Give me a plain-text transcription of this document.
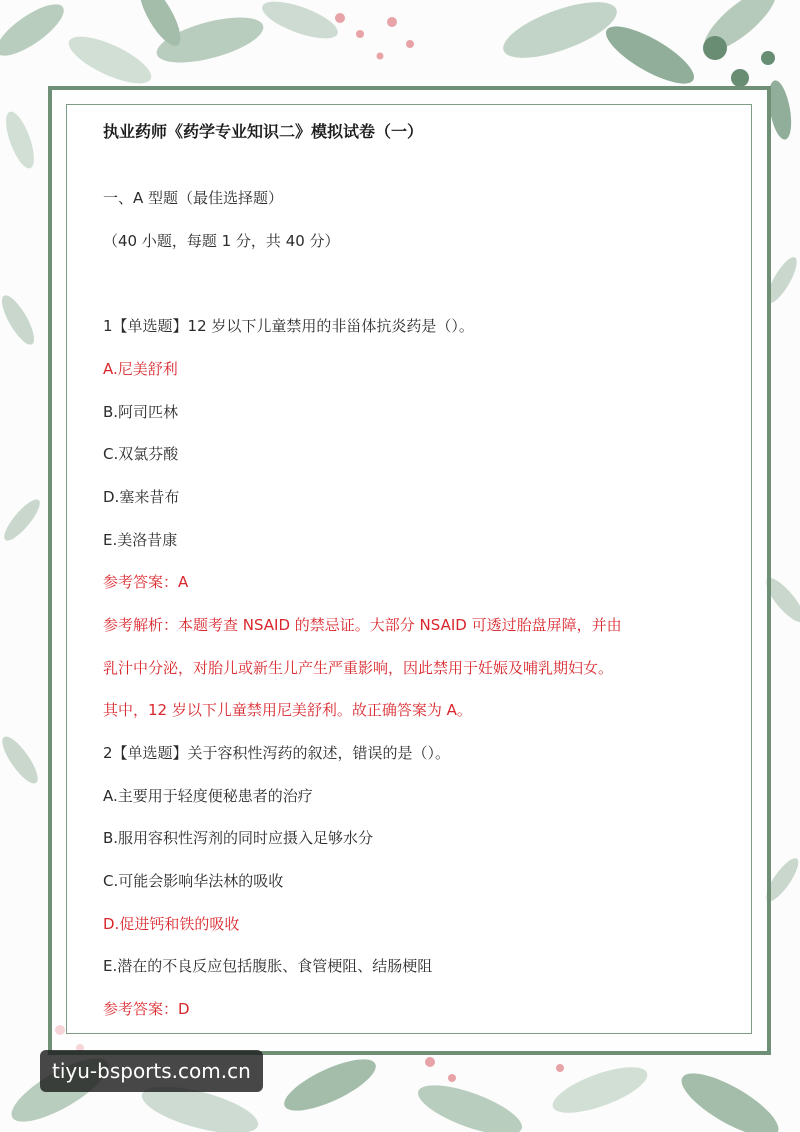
执业药师《药学专业知识二》模拟试卷（一）
一、A 型题（最佳选择题）
（40 小题，每题 1 分，共 40 分）
1【单选题】12 岁以下儿童禁用的非甾体抗炎药是（）。
A.尼美舒利
B.阿司匹林
C.双氯芬酸
D.塞来昔布
E.美洛昔康
参考答案：A
参考解析：本题考查 NSAID 的禁忌证。大部分 NSAID 可透过胎盘屏障，并由
乳汁中分泌，对胎儿或新生儿产生严重影响，因此禁用于妊娠及哺乳期妇女。
其中，12 岁以下儿童禁用尼美舒利。故正确答案为 A。
2【单选题】关于容积性泻药的叙述，错误的是（）。
A.主要用于轻度便秘患者的治疗
B.服用容积性泻剂的同时应摄入足够水分
C.可能会影响华法林的吸收
D.促进钙和铁的吸收
E.潜在的不良反应包括腹胀、食管梗阻、结肠梗阻
参考答案：D
tiyu-bsports.com.cn
